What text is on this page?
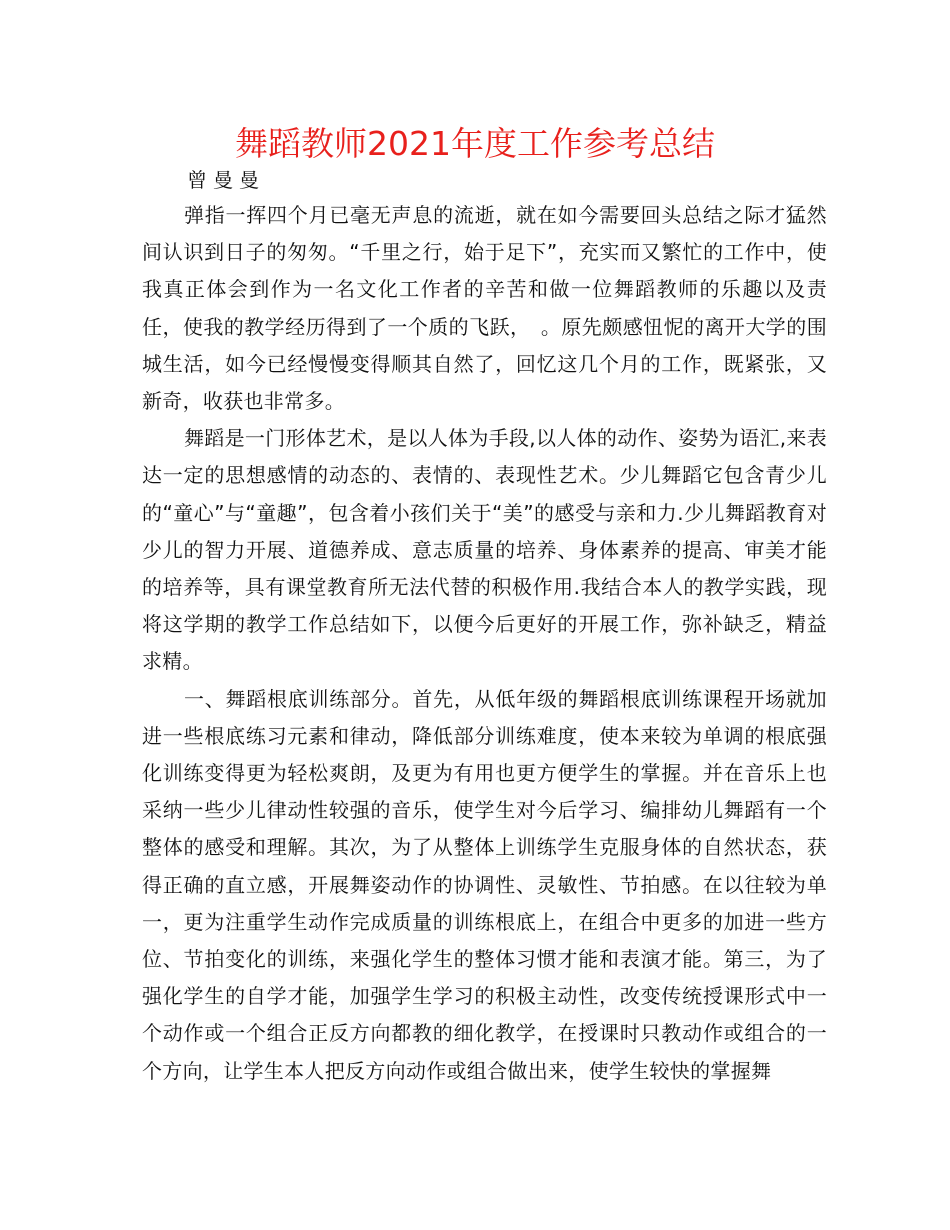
舞蹈教师2021年度工作参考总结
曾曼曼

弹指一挥四个月已毫无声息的流逝，就在如今需要回头总结之际才猛然间认识到日子的匆匆。“千里之行，始于足下”，充实而又繁忙的工作中，使我真正体会到作为一名文化工作者的辛苦和做一位舞蹈教师的乐趣以及责任，使我的教学经历得到了一个质的飞跃，　。原先颇感忸怩的离开大学的围城生活，如今已经慢慢变得顺其自然了，回忆这几个月的工作，既紧张，又新奇，收获也非常多。

舞蹈是一门形体艺术，是以人体为手段,以人体的动作、姿势为语汇,来表达一定的思想感情的动态的、表情的、表现性艺术。少儿舞蹈它包含青少儿的“童心”与“童趣”，包含着小孩们关于“美”的感受与亲和力.少儿舞蹈教育对少儿的智力开展、道德养成、意志质量的培养、身体素养的提高、审美才能的培养等，具有课堂教育所无法代替的积极作用.我结合本人的教学实践，现将这学期的教学工作总结如下，以便今后更好的开展工作，弥补缺乏，精益求精。

一、舞蹈根底训练部分。首先，从低年级的舞蹈根底训练课程开场就加进一些根底练习元素和律动，降低部分训练难度，使本来较为单调的根底强化训练变得更为轻松爽朗，及更为有用也更方便学生的掌握。并在音乐上也采纳一些少儿律动性较强的音乐，使学生对今后学习、编排幼儿舞蹈有一个整体的感受和理解。其次，为了从整体上训练学生克服身体的自然状态，获得正确的直立感，开展舞姿动作的协调性、灵敏性、节拍感。在以往较为单一，更为注重学生动作完成质量的训练根底上，在组合中更多的加进一些方位、节拍变化的训练，来强化学生的整体习惯才能和表演才能。第三，为了强化学生的自学才能，加强学生学习的积极主动性，改变传统授课形式中一个动作或一个组合正反方向都教的细化教学，在授课时只教动作或组合的一个方向，让学生本人把反方向动作或组合做出来，使学生较快的掌握舞
